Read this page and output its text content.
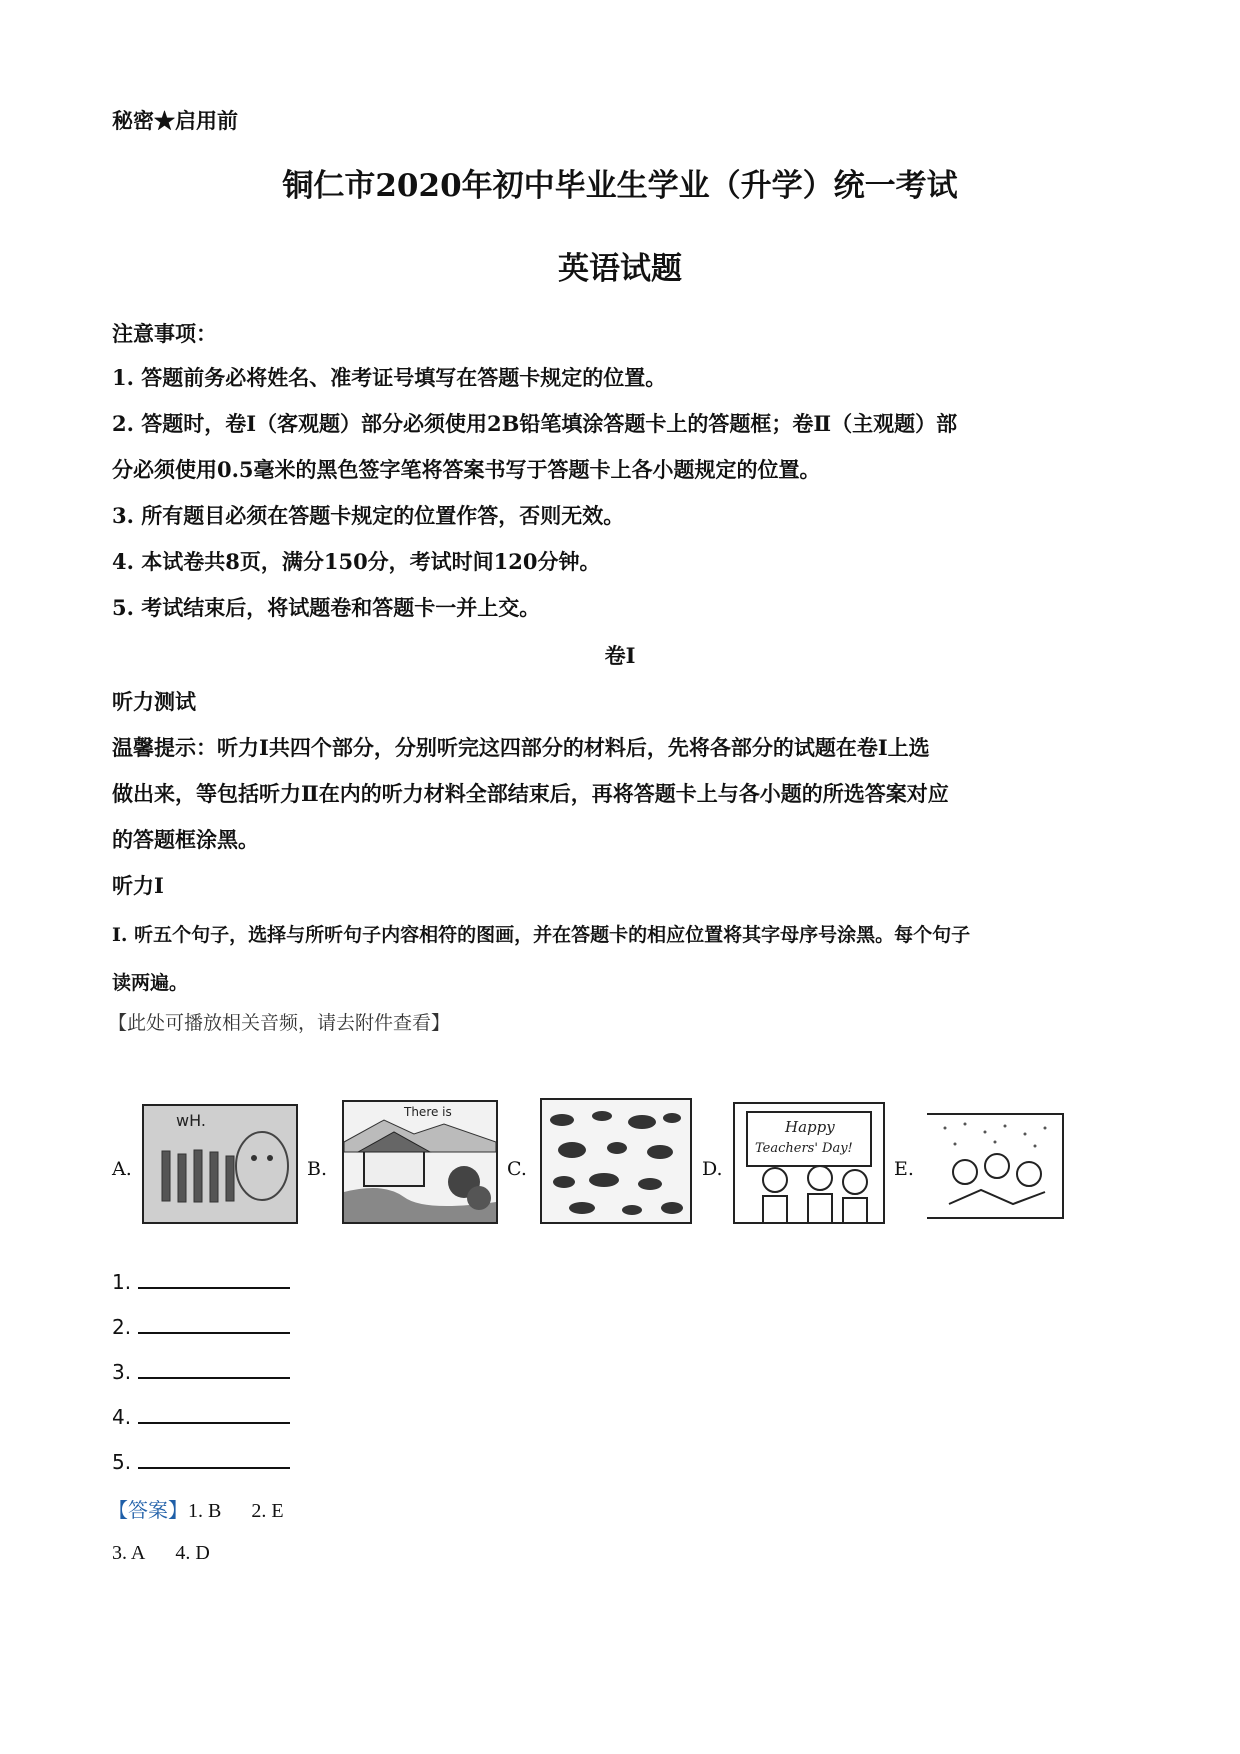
秘密★启用前
铜仁市2020年初中毕业生学业（升学）统一考试
英语试题
注意事项：
1. 答题前务必将姓名、准考证号填写在答题卡规定的位置。
2. 答题时，卷Ⅰ（客观题）部分必须使用2B铅笔填涂答题卡上的答题框；卷Ⅱ（主观题）部
分必须使用0.5毫米的黑色签字笔将答案书写于答题卡上各小题规定的位置。
3. 所有题目必须在答题卡规定的位置作答，否则无效。
4. 本试卷共8页，满分150分，考试时间120分钟。
5. 考试结束后，将试题卷和答题卡一并上交。
卷Ⅰ
听力测试
温馨提示：听力Ⅰ共四个部分，分别听完这四部分的材料后，先将各部分的试题在卷Ⅰ上选
做出来，等包括听力Ⅱ在内的听力材料全部结束后，再将答题卡上与各小题的所选答案对应
的答题框涂黑。
听力Ⅰ
Ⅰ. 听五个句子，选择与所听句子内容相符的图画，并在答题卡的相应位置将其字母序号涂黑。每个句子
读两遍。
【此处可播放相关音频，请去附件查看】
A.
wH.
B.
There is
C.	D.
Happy
Teachers' Day!
E.
1.
2.
3.
4.
5.
【答案】1. B 2. E
3. A 4. D
